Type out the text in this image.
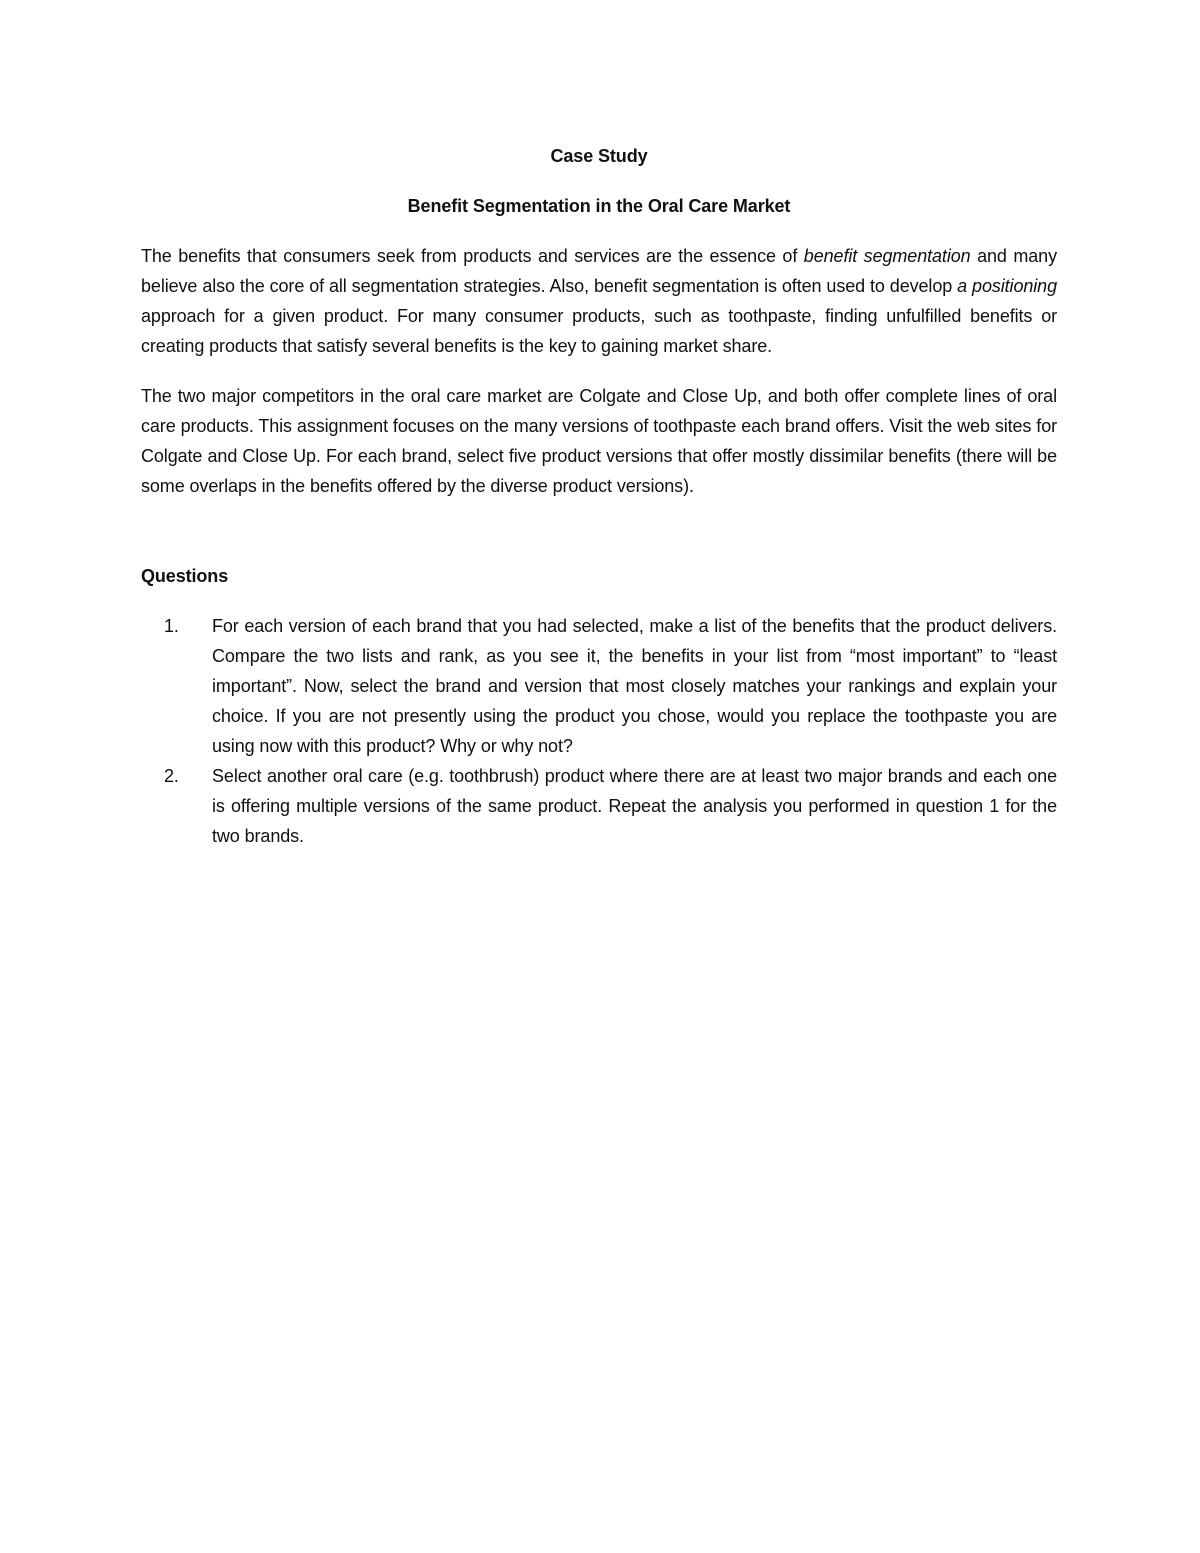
Case Study
Benefit Segmentation in the Oral Care Market

The benefits that consumers seek from products and services are the essence of benefit segmentation and many believe also the core of all segmentation strategies. Also, benefit segmentation is often used to develop a positioning approach for a given product. For many consumer products, such as toothpaste, finding unfulfilled benefits or creating products that satisfy several benefits is the key to gaining market share.

The two major competitors in the oral care market are Colgate and Close Up, and both offer complete lines of oral care products. This assignment focuses on the many versions of toothpaste each brand offers. Visit the web sites for Colgate and Close Up. For each brand, select five product versions that offer mostly dissimilar benefits (there will be some overlaps in the benefits offered by the diverse product versions).

Questions
1. For each version of each brand that you had selected, make a list of the benefits that the product delivers. Compare the two lists and rank, as you see it, the benefits in your list from “most important” to “least important”. Now, select the brand and version that most closely matches your rankings and explain your choice. If you are not presently using the product you chose, would you replace the toothpaste you are using now with this product? Why or why not?
2. Select another oral care (e.g. toothbrush) product where there are at least two major brands and each one is offering multiple versions of the same product. Repeat the analysis you performed in question 1 for the two brands.
